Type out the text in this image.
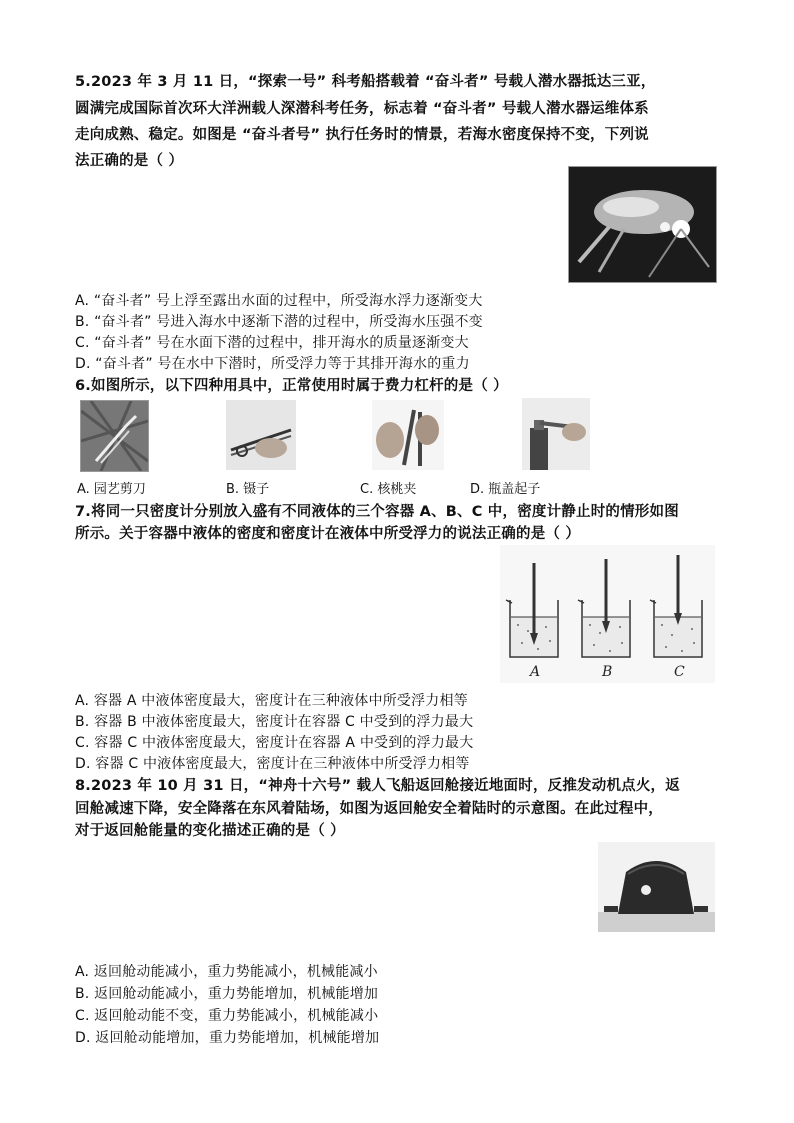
5.2023 年 3 月 11 日，“探索一号” 科考船搭载着 “奋斗者” 号载人潜水器抵达三亚，
圆满完成国际首次环大洋洲载人深潜科考任务，标志着 “奋斗者” 号载人潜水器运维体系
走向成熟、稳定。如图是 “奋斗者号” 执行任务时的情景，若海水密度保持不变，下列说
法正确的是（ ）
A. “奋斗者” 号上浮至露出水面的过程中，所受海水浮力逐渐变大
B. “奋斗者” 号进入海水中逐渐下潜的过程中，所受海水压强不变
C. “奋斗者” 号在水面下潜的过程中，排开海水的质量逐渐变大
D. “奋斗者” 号在水中下潜时，所受浮力等于其排开海水的重力
6.如图所示，以下四种用具中，正常使用时属于费力杠杆的是（ ）
A. 园艺剪刀	B. 镊子	C. 核桃夹	D. 瓶盖起子
7.将同一只密度计分别放入盛有不同液体的三个容器 A、B、C 中，密度计静止时的情形如图
所示。关于容器中液体的密度和密度计在液体中所受浮力的说法正确的是（ ）
A	B	C
A. 容器 A 中液体密度最大，密度计在三种液体中所受浮力相等
B. 容器 B 中液体密度最大，密度计在容器 C 中受到的浮力最大
C. 容器 C 中液体密度最大，密度计在容器 A 中受到的浮力最大
D. 容器 C 中液体密度最大，密度计在三种液体中所受浮力相等
8.2023 年 10 月 31 日，“神舟十六号” 载人飞船返回舱接近地面时，反推发动机点火，返
回舱减速下降，安全降落在东风着陆场，如图为返回舱安全着陆时的示意图。在此过程中，
对于返回舱能量的变化描述正确的是（ ）
A. 返回舱动能减小，重力势能减小，机械能减小
B. 返回舱动能减小，重力势能增加，机械能增加
C. 返回舱动能不变，重力势能减小，机械能减小
D. 返回舱动能增加，重力势能增加，机械能增加
